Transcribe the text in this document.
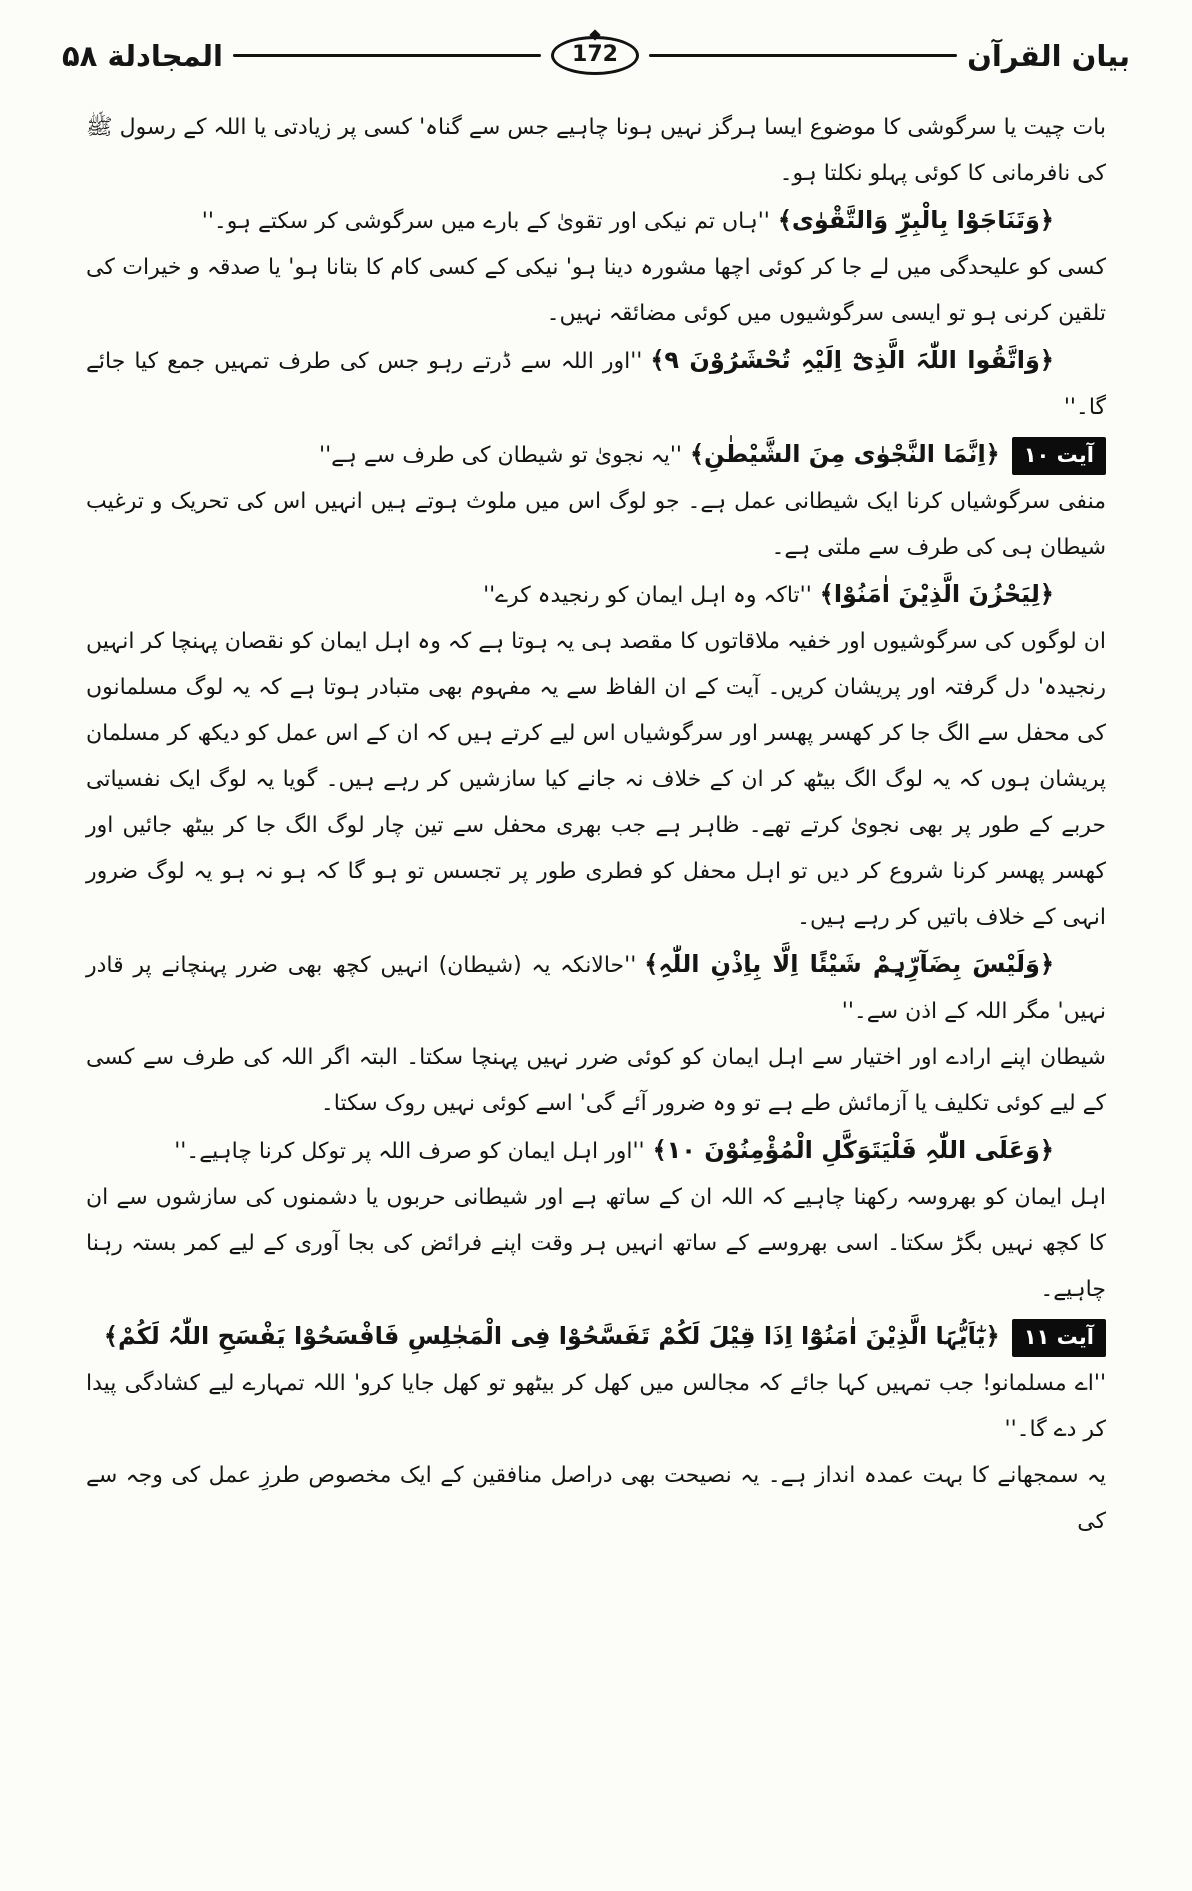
بیان القرآن
172
المجادلة ۵۸

بات چیت یا سرگوشی کا موضوع ایسا ہرگز نہیں ہونا چاہیے جس سے گناہ' کسی پر زیادتی یا اللہ کے رسول ﷺ کی نافرمانی کا کوئی پہلو نکلتا ہو۔

﴿وَتَنَاجَوْا بِالْبِرِّ وَالتَّقْوٰی﴾''ہاں تم نیکی اور تقویٰ کے بارے میں سرگوشی کر سکتے ہو۔''

کسی کو علیحدگی میں لے جا کر کوئی اچھا مشورہ دینا ہو' نیکی کے کسی کام کا بتانا ہو' یا صدقہ و خیرات کی تلقین کرنی ہو تو ایسی سرگوشیوں میں کوئی مضائقہ نہیں۔

﴿وَاتَّقُوا اللّٰہَ الَّذِیْٓ اِلَیْہِ تُحْشَرُوْنَ ۹﴾''اور اللہ سے ڈرتے رہو جس کی طرف تمہیں جمع کیا جائے گا۔''

آیت ۱۰﴿اِنَّمَا النَّجْوٰی مِنَ الشَّیْطٰنِ﴾''یہ نجویٰ تو شیطان کی طرف سے ہے''

منفی سرگوشیاں کرنا ایک شیطانی عمل ہے۔ جو لوگ اس میں ملوث ہوتے ہیں انہیں اس کی تحریک و ترغیب شیطان ہی کی طرف سے ملتی ہے۔

﴿لِیَحْزُنَ الَّذِیْنَ اٰمَنُوْا﴾''تاکہ وہ اہل ایمان کو رنجیدہ کرے''

ان لوگوں کی سرگوشیوں اور خفیہ ملاقاتوں کا مقصد ہی یہ ہوتا ہے کہ وہ اہل ایمان کو نقصان پہنچا کر انہیں رنجیدہ' دل گرفتہ اور پریشان کریں۔ آیت کے ان الفاظ سے یہ مفہوم بھی متبادر ہوتا ہے کہ یہ لوگ مسلمانوں کی محفل سے الگ جا کر کھسر پھسر اور سرگوشیاں اس لیے کرتے ہیں کہ ان کے اس عمل کو دیکھ کر مسلمان پریشان ہوں کہ یہ لوگ الگ بیٹھ کر ان کے خلاف نہ جانے کیا سازشیں کر رہے ہیں۔ گویا یہ لوگ ایک نفسیاتی حربے کے طور پر بھی نجویٰ کرتے تھے۔ ظاہر ہے جب بھری محفل سے تین چار لوگ الگ جا کر بیٹھ جائیں اور کھسر پھسر کرنا شروع کر دیں تو اہل محفل کو فطری طور پر تجسس تو ہو گا کہ ہو نہ ہو یہ لوگ ضرور انہی کے خلاف باتیں کر رہے ہیں۔

﴿وَلَیْسَ بِضَآرِّہِمْ شَیْئًا اِلَّا بِاِذْنِ اللّٰہِ﴾''حالانکہ یہ (شیطان) انہیں کچھ بھی ضرر پہنچانے پر قادر نہیں' مگر اللہ کے اذن سے۔''

شیطان اپنے ارادے اور اختیار سے اہل ایمان کو کوئی ضرر نہیں پہنچا سکتا۔ البتہ اگر اللہ کی طرف سے کسی کے لیے کوئی تکلیف یا آزمائش طے ہے تو وہ ضرور آئے گی' اسے کوئی نہیں روک سکتا۔

﴿وَعَلَی اللّٰہِ فَلْیَتَوَکَّلِ الْمُؤْمِنُوْنَ ۱۰﴾''اور اہل ایمان کو صرف اللہ پر توکل کرنا چاہیے۔''

اہل ایمان کو بھروسہ رکھنا چاہیے کہ اللہ ان کے ساتھ ہے اور شیطانی حربوں یا دشمنوں کی سازشوں سے ان کا کچھ نہیں بگڑ سکتا۔ اسی بھروسے کے ساتھ انہیں ہر وقت اپنے فرائض کی بجا آوری کے لیے کمر بستہ رہنا چاہیے۔

آیت ۱۱﴿یٰٓاَیُّہَا الَّذِیْنَ اٰمَنُوْٓا اِذَا قِیْلَ لَکُمْ تَفَسَّحُوْا فِی الْمَجٰلِسِ فَافْسَحُوْا یَفْسَحِ اللّٰہُ لَکُمْ﴾

''اے مسلمانو! جب تمہیں کہا جائے کہ مجالس میں کھل کر بیٹھو تو کھل جایا کرو' اللہ تمہارے لیے کشادگی پیدا کر دے گا۔''

یہ سمجھانے کا بہت عمدہ انداز ہے۔ یہ نصیحت بھی دراصل منافقین کے ایک مخصوص طرزِ عمل کی وجہ سے کی
